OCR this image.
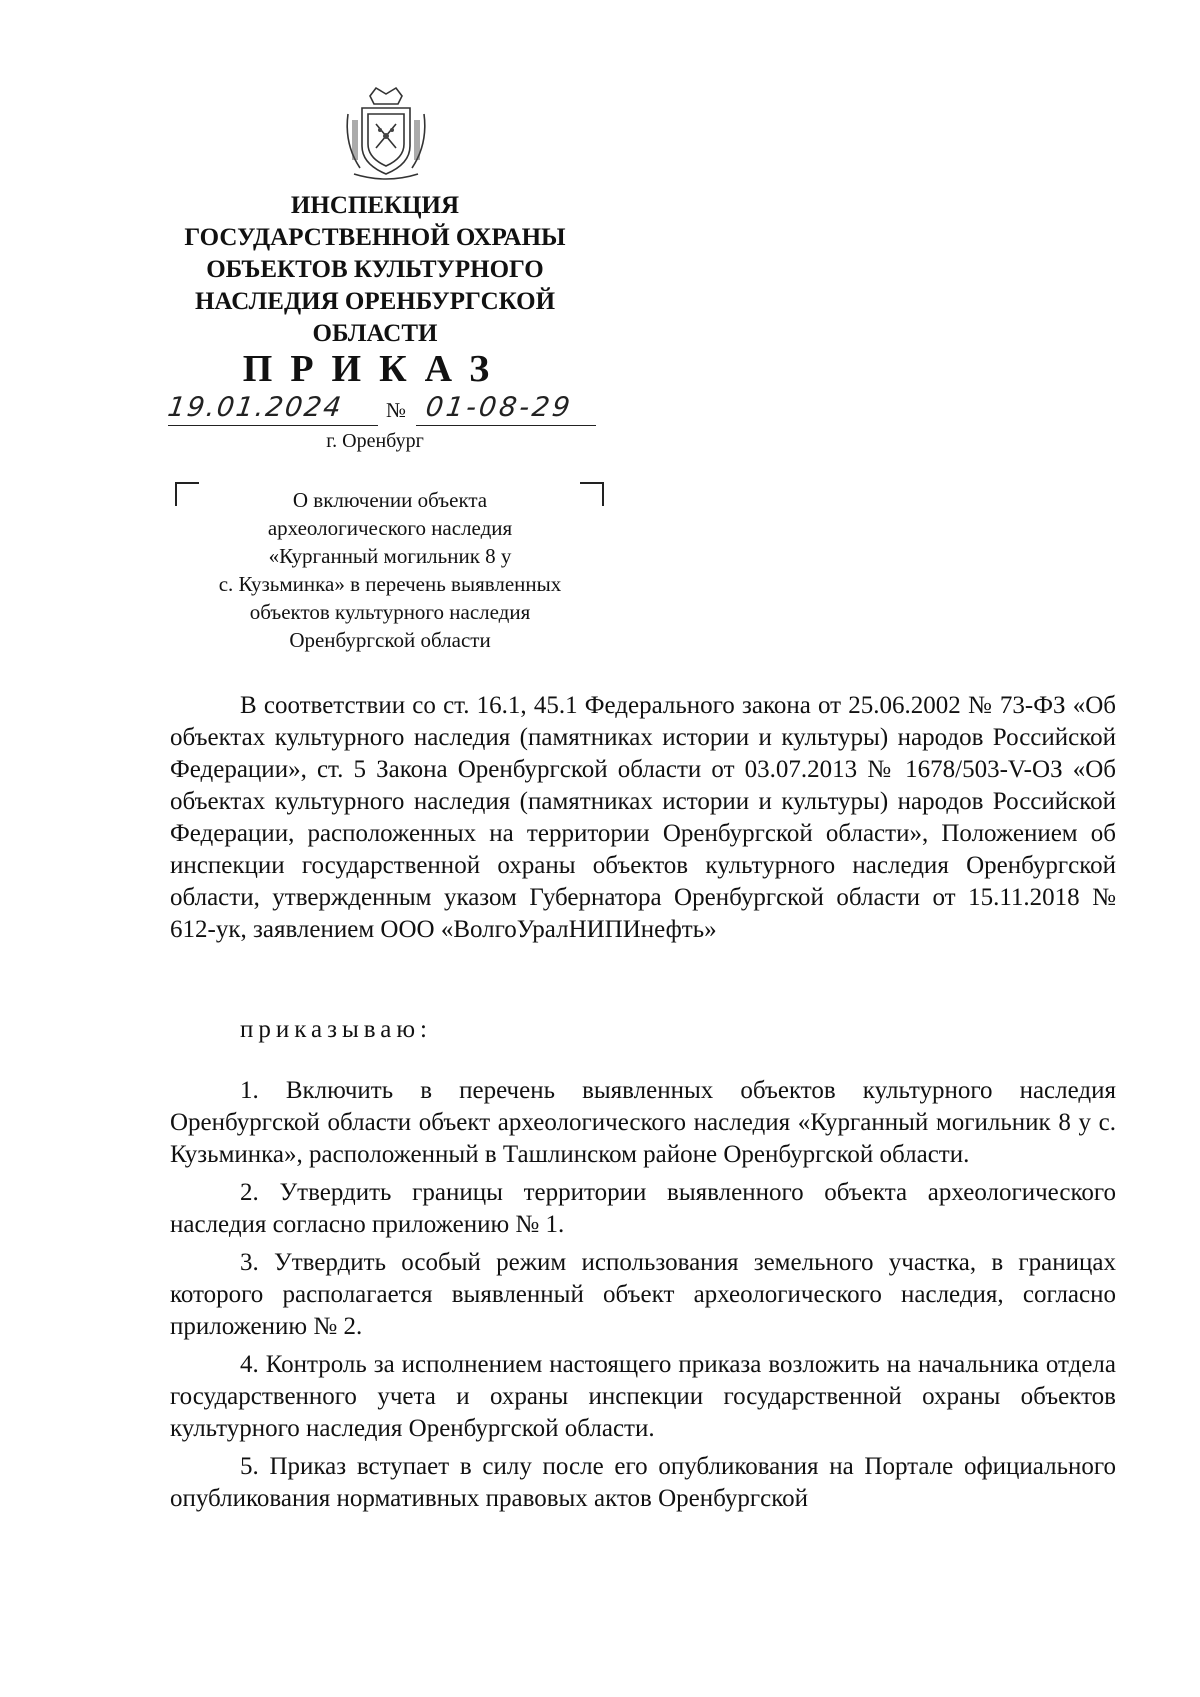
ИНСПЕКЦИЯ
ГОСУДАРСТВЕННОЙ ОХРАНЫ
ОБЪЕКТОВ КУЛЬТУРНОГО
НАСЛЕДИЯ ОРЕНБУРГСКОЙ
ОБЛАСТИ
ПРИКАЗ
19.01.2024 № 01-08-29
г. Оренбург
О включении объекта
археологического наследия
«Курганный могильник 8 у
с. Кузьминка» в перечень выявленных
объектов культурного наследия
Оренбургской области

В соответствии со ст. 16.1, 45.1 Федерального закона от 25.06.2002 № 73-ФЗ «Об объектах культурного наследия (памятниках истории и культуры) народов Российской Федерации», ст. 5 Закона Оренбургской области от 03.07.2013 № 1678/503-V-ОЗ «Об объектах культурного наследия (памятниках истории и культуры) народов Российской Федерации, расположенных на территории Оренбургской области», Положением об инспекции государственной охраны объектов культурного наследия Оренбургской области, утвержденным указом Губернатора Оренбургской области от 15.11.2018 № 612-ук, заявлением ООО «ВолгоУралНИПИнефть»

приказываю:

1. Включить в перечень выявленных объектов культурного наследия Оренбургской области объект археологического наследия «Курганный могильник 8 у с. Кузьминка», расположенный в Ташлинском районе Оренбургской области.

2. Утвердить границы территории выявленного объекта археологического наследия согласно приложению № 1.

3. Утвердить особый режим использования земельного участка, в границах которого располагается выявленный объект археологического наследия, согласно приложению № 2.

4. Контроль за исполнением настоящего приказа возложить на начальника отдела государственного учета и охраны инспекции государственной охраны объектов культурного наследия Оренбургской области.

5. Приказ вступает в силу после его опубликования на Портале официального опубликования нормативных правовых актов Оренбургской
